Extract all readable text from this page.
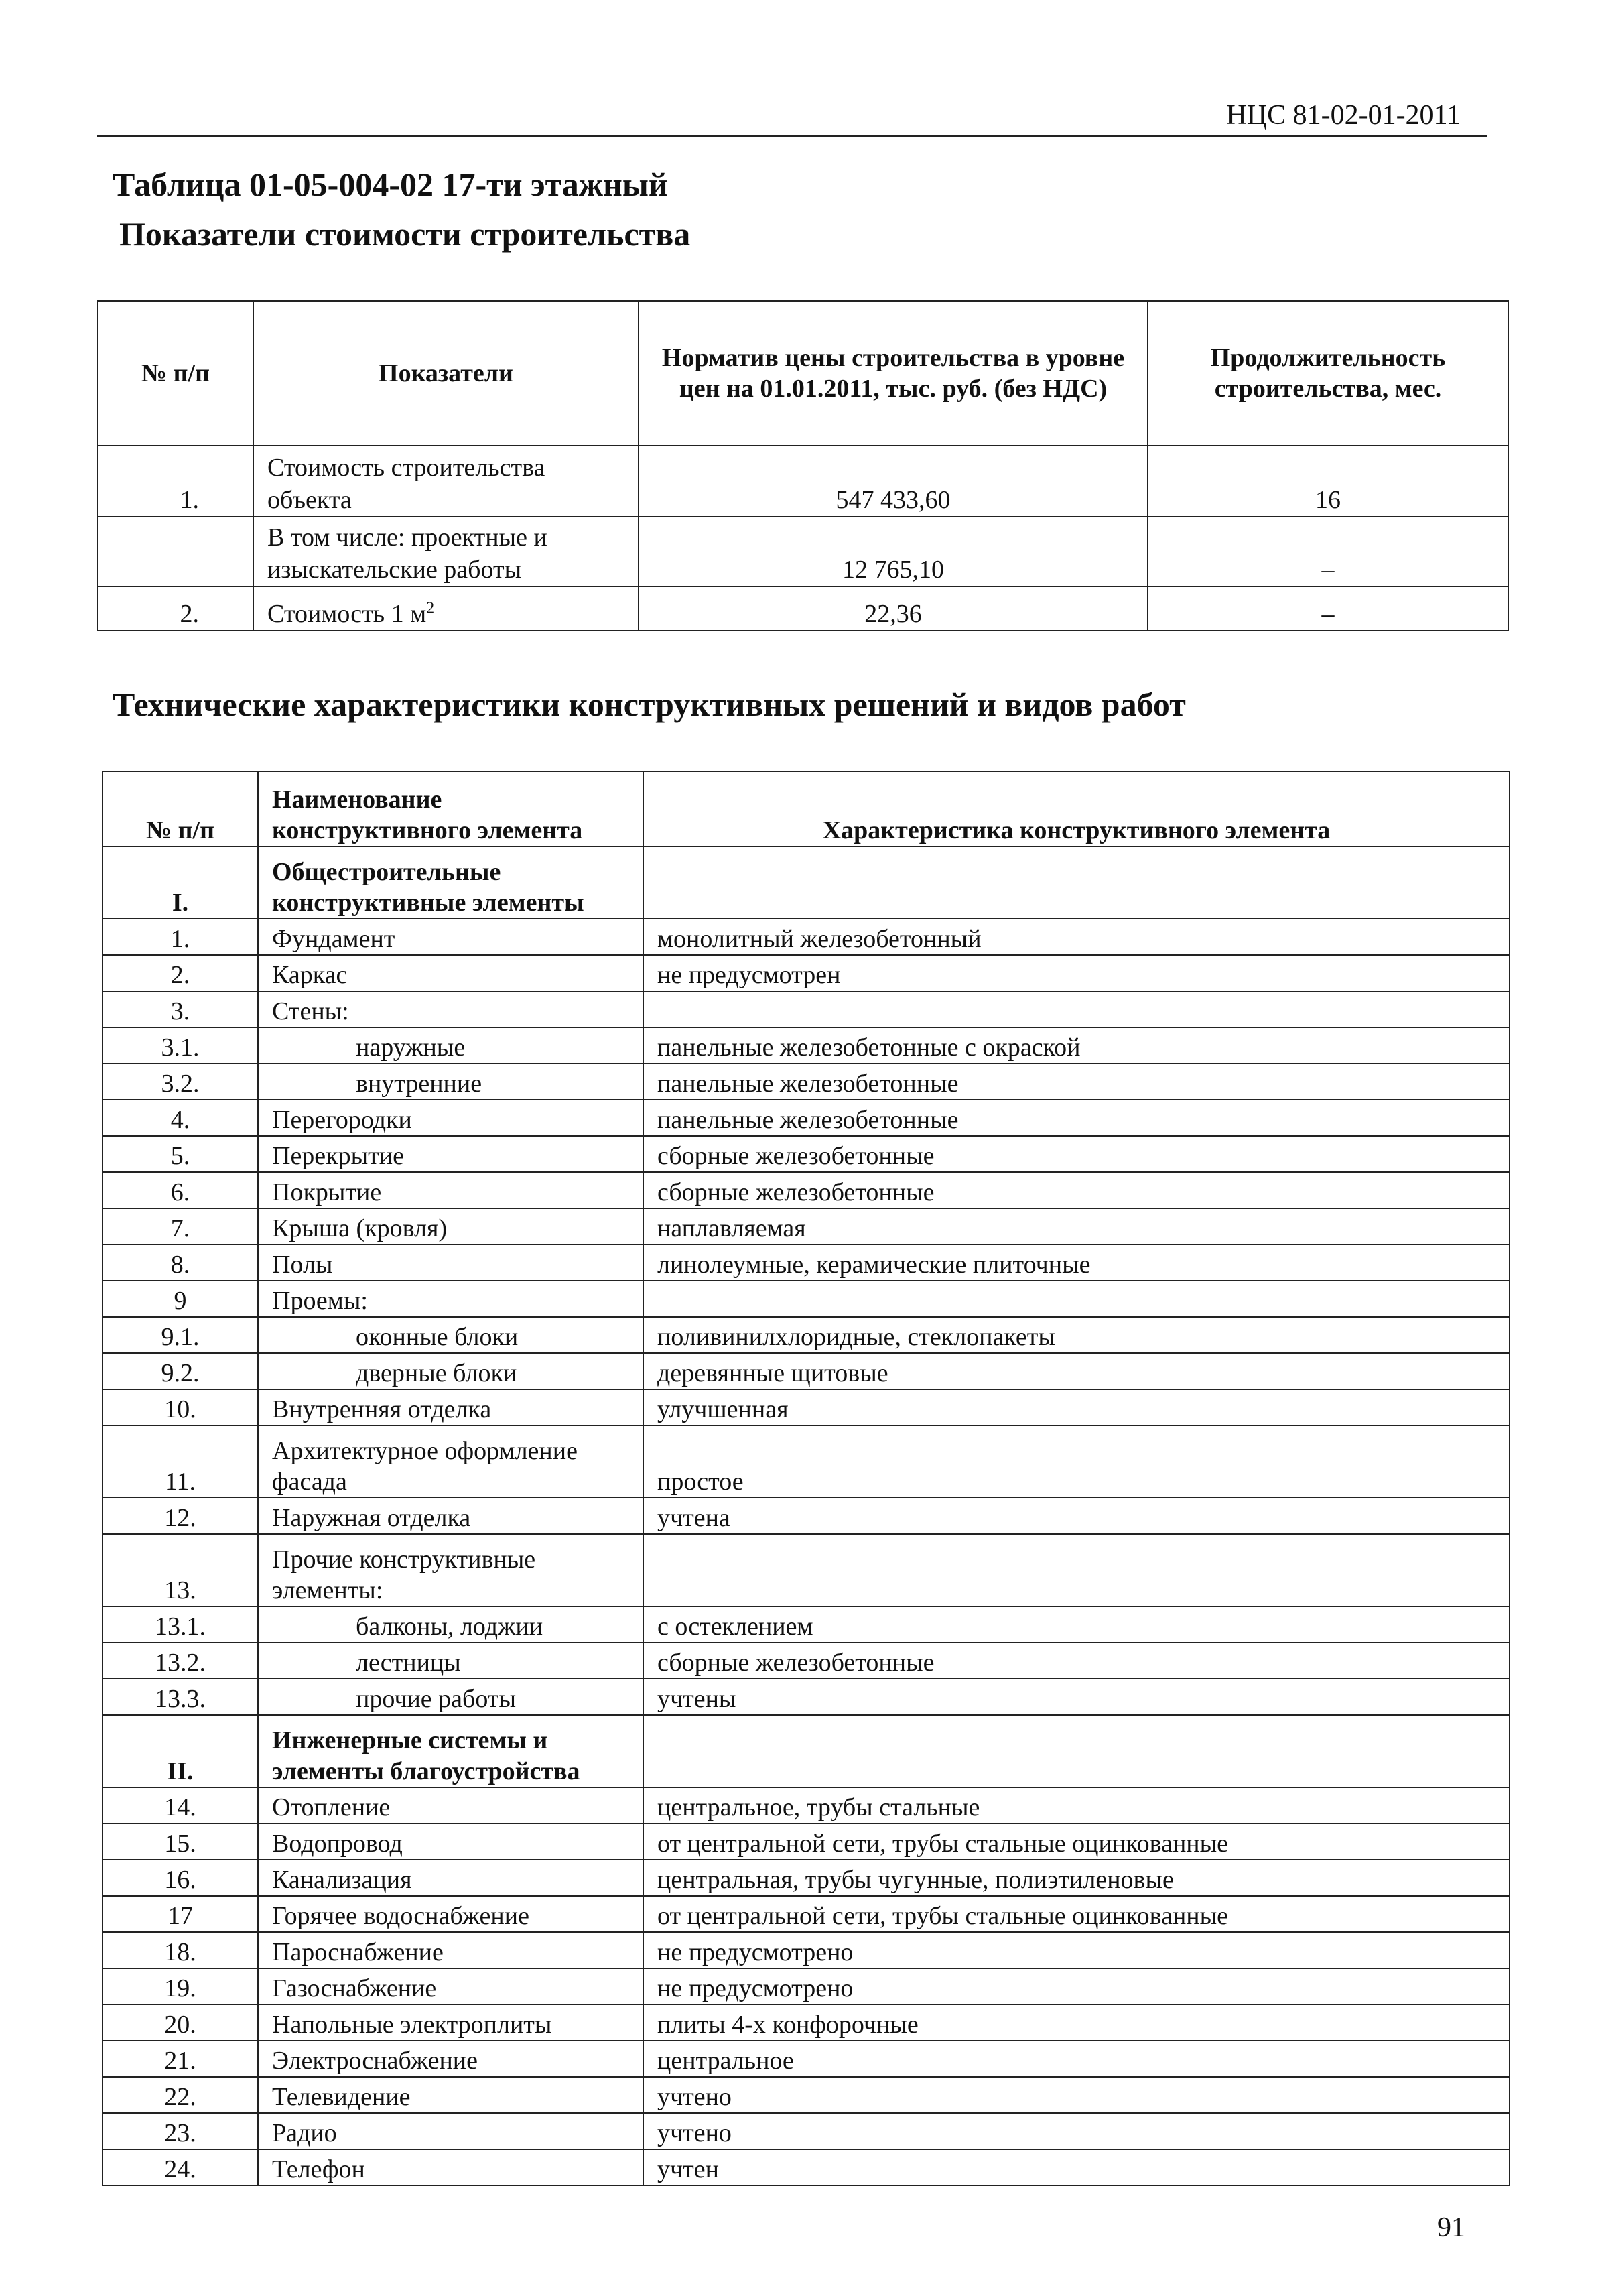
НЦС 81-02-01-2011
Таблица 01-05-004-02 17-ти этажный
Показатели стоимости строительства
№ п/п	Показатели	Норматив цены строительства в уровне цен на 01.01.2011, тыс. руб. (без НДС)	Продолжительность строительства, мес.
1.	Стоимость строительства объекта	547 433,60	16
	В том числе: проектные и изыскательские работы	12 765,10	–
2.	Стоимость 1 $м^2$	22,36	–
Технические характеристики конструктивных решений и видов работ
№ п/п	Наименование конструктивного элемента	Характеристика конструктивного элемента
I.	Общестроительные конструктивные элементы	
1.	Фундамент	монолитный железобетонный
2.	Каркас	не предусмотрен
3.	Стены:	
3.1.	наружные	панельные железобетонные с окраской
3.2.	внутренние	панельные железобетонные
4.	Перегородки	панельные железобетонные
5.	Перекрытие	сборные железобетонные
6.	Покрытие	сборные железобетонные
7.	Крыша (кровля)	наплавляемая
8.	Полы	линолеумные, керамические плиточные
9	Проемы:	
9.1.	оконные блоки	поливинилхлоридные, стеклопакеты
9.2.	дверные блоки	деревянные щитовые
10.	Внутренняя отделка	улучшенная
11.	Архитектурное оформление фасада	простое
12.	Наружная отделка	учтена
13.	Прочие конструктивные элементы:	
13.1.	балконы, лоджии	с остеклением
13.2.	лестницы	сборные железобетонные
13.3.	прочие работы	учтены
II.	Инженерные системы и элементы благоустройства	
14.	Отопление	центральное, трубы стальные
15.	Водопровод	от центральной сети, трубы стальные оцинкованные
16.	Канализация	центральная, трубы чугунные, полиэтиленовые
17	Горячее водоснабжение	от центральной сети, трубы стальные оцинкованные
18.	Пароснабжение	не предусмотрено
19.	Газоснабжение	не предусмотрено
20.	Напольные электроплиты	плиты 4-х конфорочные
21.	Электроснабжение	центральное
22.	Телевидение	учтено
23.	Радио	учтено
24.	Телефон	учтен
91
